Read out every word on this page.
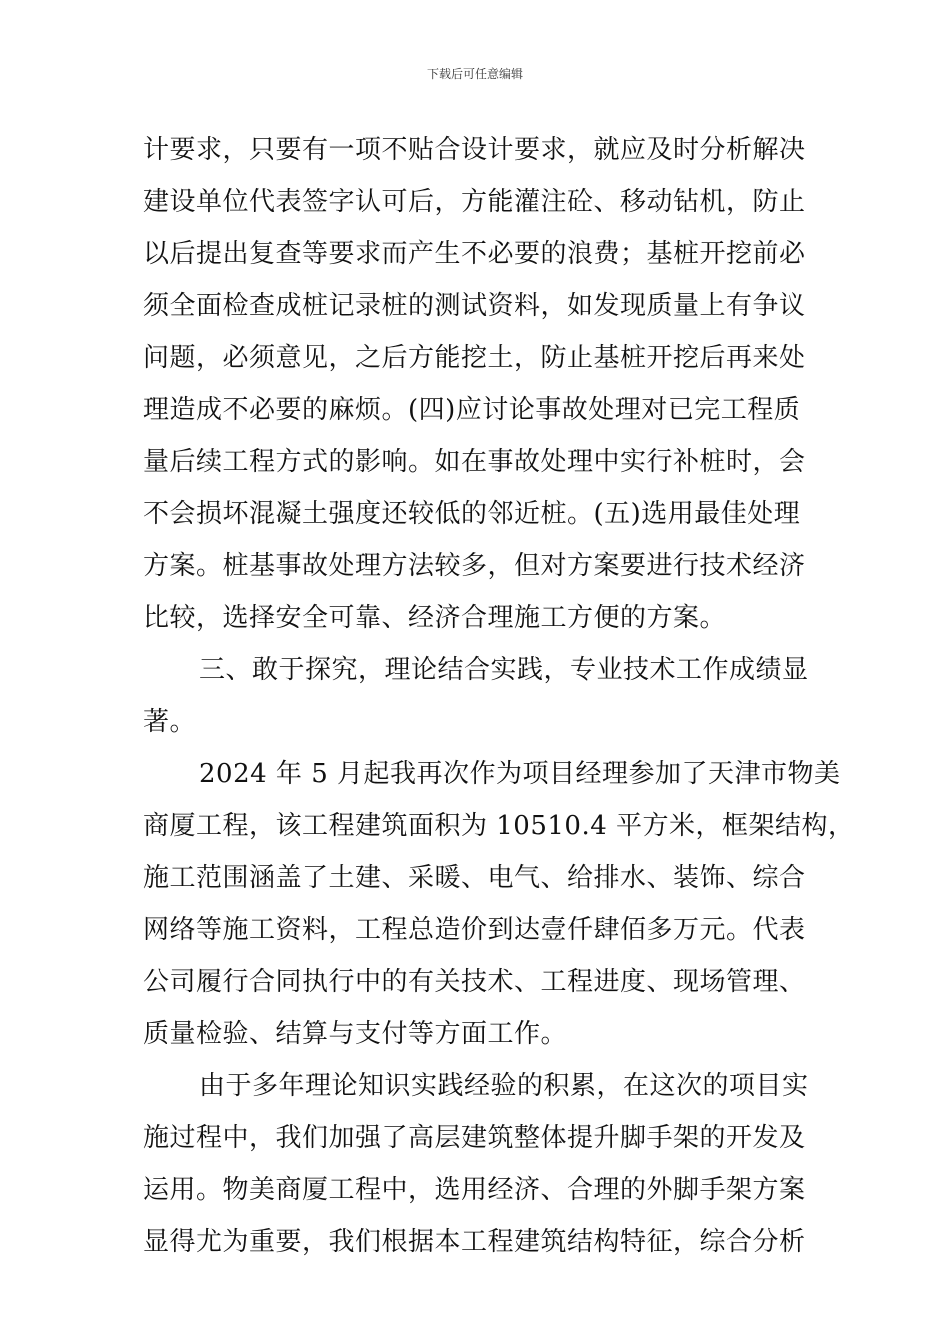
下载后可任意编辑
计要求，只要有一项不贴合设计要求，就应及时分析解决
建设单位代表签字认可后，方能灌注砼、移动钻机，防止
以后提出复查等要求而产生不必要的浪费；基桩开挖前必
须全面检查成桩记录桩的测试资料，如发现质量上有争议
问题，必须意见，之后方能挖土，防止基桩开挖后再来处
理造成不必要的麻烦。(四)应讨论事故处理对已完工程质
量后续工程方式的影响。如在事故处理中实行补桩时，会
不会损坏混凝土强度还较低的邻近桩。(五)选用最佳处理
方案。桩基事故处理方法较多，但对方案要进行技术经济
比较，选择安全可靠、经济合理施工方便的方案。
三、敢于探究，理论结合实践，专业技术工作成绩显
著。
2024 年 5 月起我再次作为项目经理参加了天津市物美
商厦工程，该工程建筑面积为 10510.4 平方米，框架结构，
施工范围涵盖了土建、采暖、电气、给排水、装饰、综合
网络等施工资料，工程总造价到达壹仟肆佰多万元。代表
公司履行合同执行中的有关技术、工程进度、现场管理、
质量检验、结算与支付等方面工作。
由于多年理论知识实践经验的积累，在这次的项目实
施过程中，我们加强了高层建筑整体提升脚手架的开发及
运用。物美商厦工程中，选用经济、合理的外脚手架方案
显得尤为重要，我们根据本工程建筑结构特征，综合分析
